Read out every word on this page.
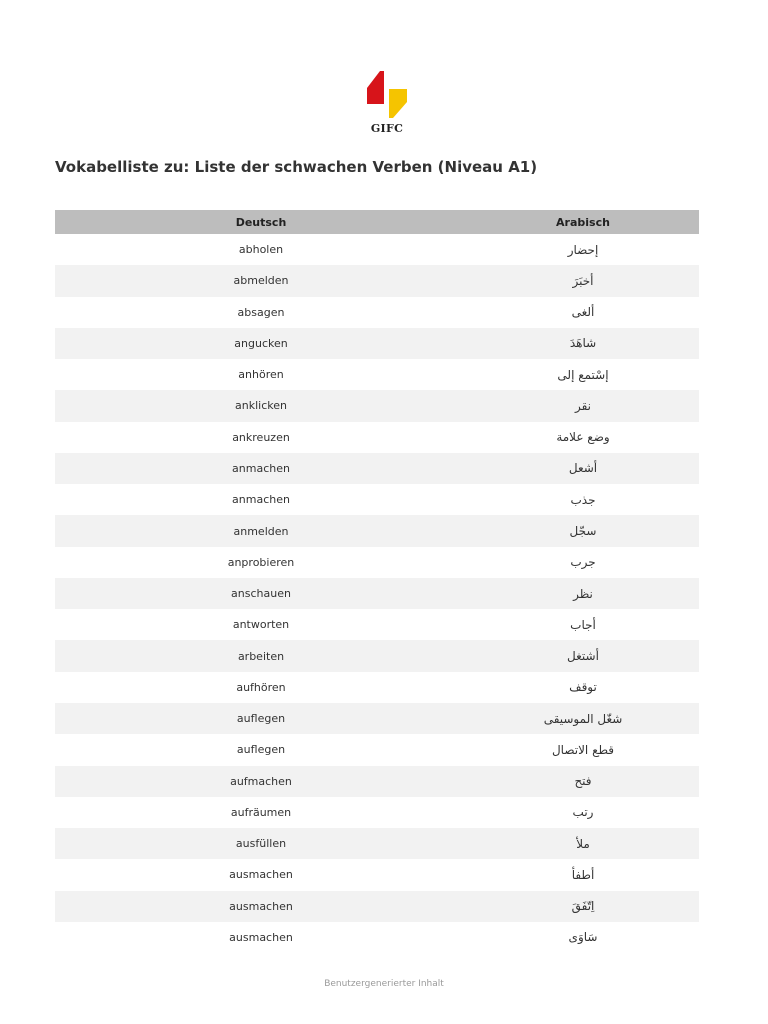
GIFC
Vokabelliste zu: Liste der schwachen Verben (Niveau A1)
Deutsch	Arabisch
abholen	إحضار
abmelden	أخبَرَ
absagen	ألغى
angucken	شاهَدَ
anhören	إسْتمع إلى
anklicken	نقر
ankreuzen	وضع علامة
anmachen	أشعل
anmachen	جذب
anmelden	سجّل
anprobieren	جرب
anschauen	نظر
antworten	أجاب
arbeiten	أشتغل
aufhören	توقف
auflegen	شغّل الموسيقى
auflegen	قطع الاتصال
aufmachen	فتح
aufräumen	رتب
ausfüllen	ملأ
ausmachen	أطفأ
ausmachen	اِتّفَقَ
ausmachen	سَاوَى
Benutzergenerierter Inhalt
